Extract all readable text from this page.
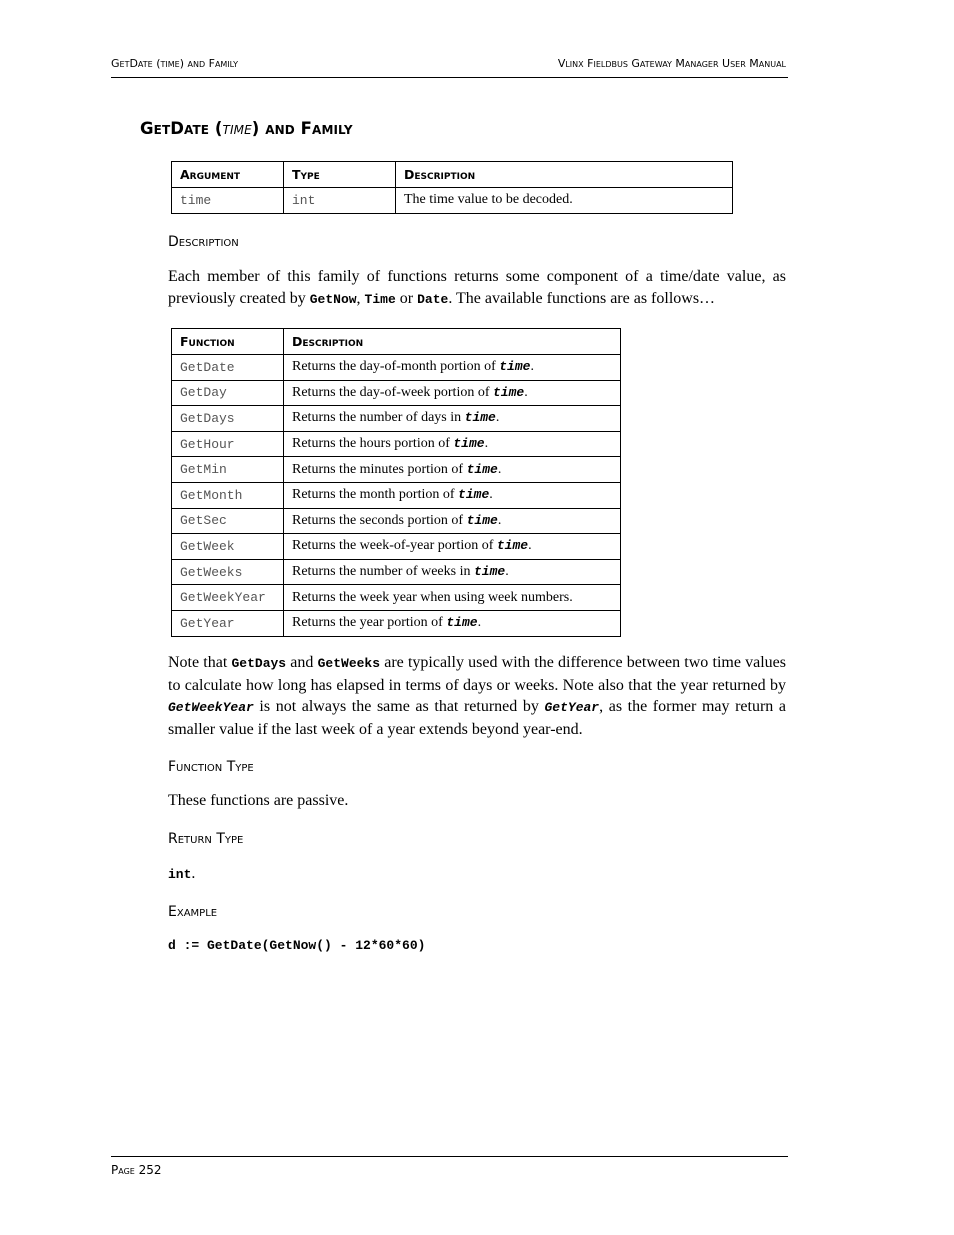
GetDate (time) and Family	Vlinx Fieldbus Gateway Manager User Manual
GetDate (time) and Family
Argument	Type	Description
time	int	The time value to be decoded.
Description
Each member of this family of functions returns some component of a time/date value, as previously created by GetNow, Time or Date. The available functions are as follows…
Function	Description
GetDate	Returns the day-of-month portion of time.
GetDay	Returns the day-of-week portion of time.
GetDays	Returns the number of days in time.
GetHour	Returns the hours portion of time.
GetMin	Returns the minutes portion of time.
GetMonth	Returns the month portion of time.
GetSec	Returns the seconds portion of time.
GetWeek	Returns the week-of-year portion of time.
GetWeeks	Returns the number of weeks in time.
GetWeekYear	Returns the week year when using week numbers.
GetYear	Returns the year portion of time.
Note that GetDays and GetWeeks are typically used with the difference between two time values to calculate how long has elapsed in terms of days or weeks. Note also that the year returned by GetWeekYear is not always the same as that returned by GetYear, as the former may return a smaller value if the last week of a year extends beyond year-end.
Function Type
These functions are passive.
Return Type
int.
Example
d := GetDate(GetNow() - 12*60*60)
Page 252
